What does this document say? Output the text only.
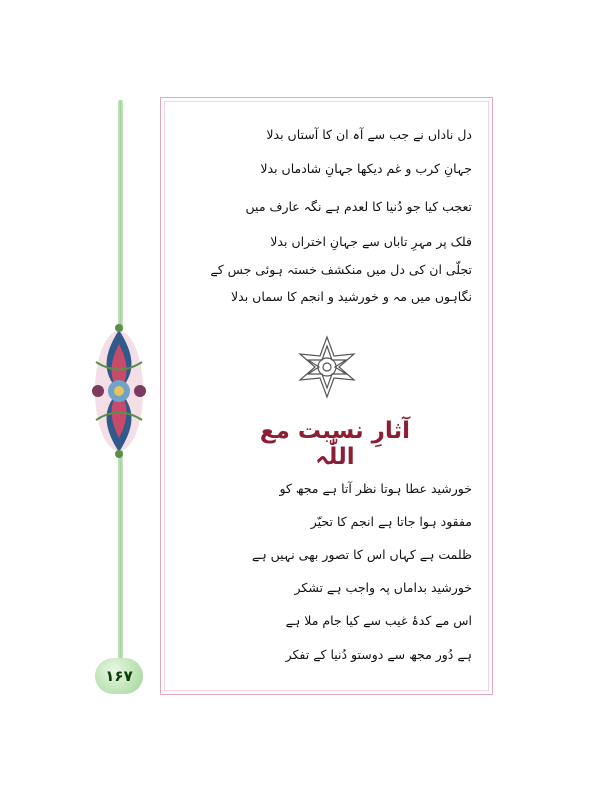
دل ناداں نے جب سے آہ ان کا آستاں بدلا
جہانِ کرب و غم دیکھا جہانِ شادماں بدلا
تعجب کیا جو دُنیا کا لعدم ہے نگہ عارف میں
فلک پر مہرِ تاباں سے جہانِ اختراں بدلا
تجلّی ان کی دل میں منکشف خستہ ہوئی جس کے
نگاہوں میں مہ و خورشید و انجم کا سماں بدلا
آثارِ نسبت مع اللّٰہ
خورشید عطا ہوتا نظر آتا ہے مجھ کو
مفقود ہوا جاتا ہے انجم کا تحیّر
ظلمت ہے کہاں اس کا تصور بھی نہیں ہے
خورشید بداماں پہ واجب ہے تشکر
اس مے کدۂ غیب سے کیا جام ملا ہے
ہے دُور مجھ سے دوستو دُنیا کے تفکر
۱۶۷
